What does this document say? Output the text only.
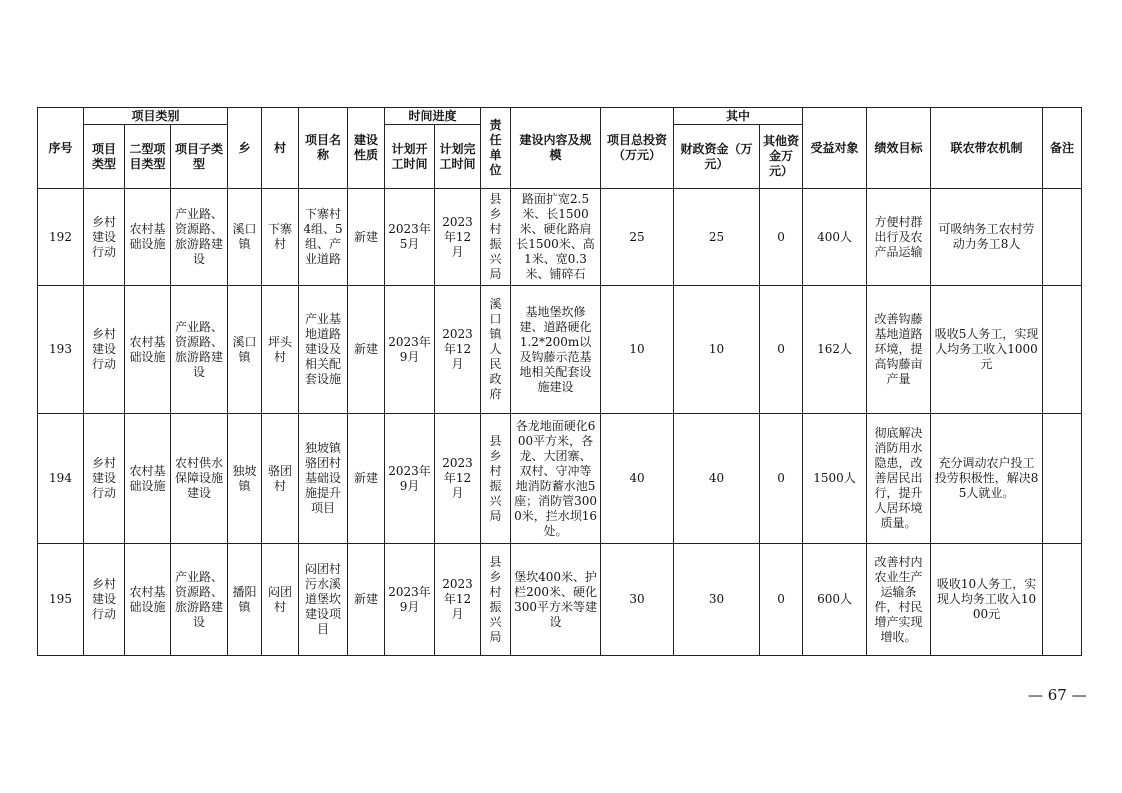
序号	项目类别			乡	村	项目名称	建设性质	时间进度		责任单位	建设内容及规模	项目总投资（万元）	其中		受益对象	绩效目标	联农带农机制	备注
	项目类型	二型项目类型	项目子类型					计划开工时间	计划完工时间				财政资金（万元）	其他资金万元）				
192	乡村建设行动	农村基础设施	产业路、资源路、旅游路建设	溪口镇	下寨村	下寨村4组、5组、产业道路	新建	2023年5月	2023年12月	县乡村振兴局	路面扩宽2.5米、长1500米、硬化路肩长1500米、高1米、宽0.3米、铺碎石	25	25	0	400人	方便村群出行及农产品运输	可吸纳务工农村劳动力务工8人	
193	乡村建设行动	农村基础设施	产业路、资源路、旅游路建设	溪口镇	坪头村	产业基地道路建设及相关配套设施	新建	2023年9月	2023年12月	溪口镇人民政府	基地堡坎修建、道路硬化1.2*200m以及钩藤示范基地相关配套设施建设	10	10	0	162人	改善钩藤基地道路环境，提高钩藤亩产量	吸收5人务工，实现人均务工收入1000元	
194	乡村建设行动	农村基础设施	农村供水保障设施建设	独坡镇	骆团村	独坡镇骆团村基础设施提升项目	新建	2023年9月	2023年12月	县乡村振兴局	各龙地面硬化600平方米，各龙、大团寨、双村、守冲等地消防蓄水池5座；消防管3000米，拦水坝16处。	40	40	0	1500人	彻底解决消防用水隐患，改善居民出行，提升人居环境质量。	充分调动农户投工投劳积极性，解决85人就业。	
195	乡村建设行动	农村基础设施	产业路、资源路、旅游路建设	播阳镇	闷团村	闷团村污水溪道堡坎建设项目	新建	2023年9月	2023年12月	县乡村振兴局	堡坎400米、护栏200米、硬化300平方米等建设	30	30	0	600人	改善村内农业生产运输条件，村民增产实现增收。	吸收10人务工，实现人均务工收入1000元	
— 67 —
